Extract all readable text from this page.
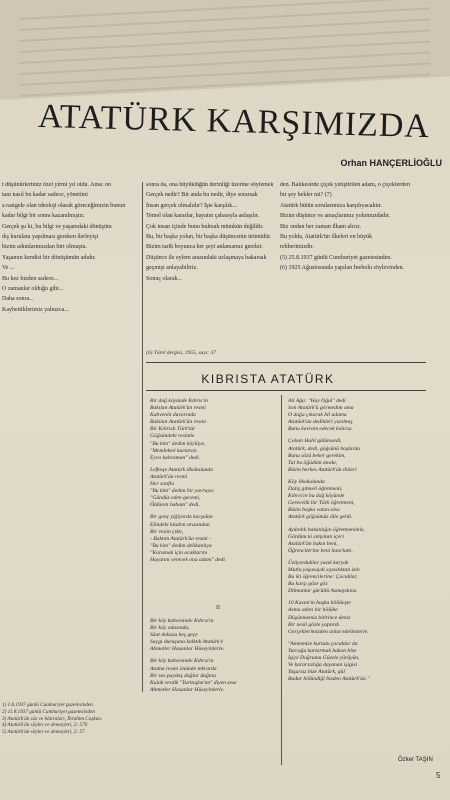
ATATÜRK KARŞIMIZDA
Orhan HANÇERLİOĞLU

t düşünürlerimiz özel yirmi yıl oldu. Ama: on

tam nasıl bu kadar sadece, yönetimi

a rastgele olan ideoloji olarak göreceğimizin bunun

kadar bilgi bir sonra kazanılmıştır.

Gerçek şu ki, bu bilgi ve yaşamdaki dönüşüm

dış kurulanı yapılması gereken ilerleyişi

bizim adımlarımızdan biri olmuştu.

Yaşamın kendisi bir dönüşümün adıdır.

Ve ...

Bu kez bizden sadece...

O zamanlar olduğu gibi...

Daha sonra...

Kaybettiklerimiz yalnızca...

sonra da, ona büyüklüğün derinliği üzerine söylemek

Gerçek nedir? Bir anda bu nedir, diye sorarsak

İnsan gerçek olmalıdır? İşte karşılık...

Temel olan kararlar, hayatın çabasıyla anlaşılır.

Çok insan içinde bunu bulmak mümkün değildir.

Bu, bir başka yolun, bir başka düşüncenin ürünüdür.

Bizim tarih boyunca her şeyi anlamamız gerekir.

Düşünce ile eylem arasındaki uzlaşmaya bakarsak

geçmişi anlayabiliriz.

Sonuç olarak...

(6) Türel dergisi, 1955, sayı: 37

den. Balıkesirde çiçek yetiştirilen adam, o çiçeklerden

bir şey bekler mi? (7)

Atatürk bütün sorularımıza karşılıyacaktır.

Bizim düşünce ve amaçlarımız yolumuzdadır.

Biz ondan her zaman ilham alırız.

Bu yolda, Atatürk'ün ilkeleri en büyük

rehberimizdir.

(5) 25.8.1937 günlü Cumhuriyet gazetesinden.

(6) 1925 Ağustosunda yapılan İnebolu söylevinden.

KIBRISTA ATATÜRK
Bir dağ köyünde Kıbrıs'ın
Bakılan Atatürk'ün resmi
Kahvenin duvarında
Bakılan Atatürk'ün resmi
Bir Kıbrıslı Türk'tür
Göğsündeki resimle
"Bu kim" dedim köylüye,
"Memleketi kurtaran
Eyvo kahraman" dedi.
Lefkoşe Atatürk ilkokulunda
Atatürk'ün resmi
Her sınıfta
"Bu kim" dedim bir yavruya:
"Gündüz eden gecemi,
Öldüren babam" dedi.
Bir genç yiğiyorda karşıdan
Elindeki kitabın arasından
Bir resim çıktı,
- Baktım Atatürk'ün resmi -
"Bu kim" dedim delikanlıya
"Korumak için ocaklarını
Hayatını verecek ona adam" dedi.
II
Bir köy kahvesinde Kıbrıs'ın
Bir köy odasında,
Sâat dokuzu beş geçe
Saygı duruşuna kalktık Atatürk'e
Ahmetler Hasanlar Hüseyinlerle.
Bir köy kahvesinde Kıbrıs'ın
Atama resmi önünde tekrarda
Bir ses paydaş dağlar dağına
Kulak verdik "Yurttaşlarım" diyen sese
Ahmetler Hasanlar Hüseyinlerle.
Ali Ağa: "Hay Oğul" dedi
Son Atatürk'ü görmedim ama
O dağa çıkarak bil adama
Atatürk'ün dedikleri yazılmış
Bunu kavram edecek kalırsa.
Çoban Halil gülümsedi,
Atatürk, dedi, göğsünü başlarda
Bana sözü beker gerekim,
Tut bu öğüdüm anıda,
Bizim herkes Atatürk'ün ibileri
Köy ilkokulunda
Dalış gitmeli öğretmeni,
Kıbrıs'ın bu dağ köyünde
Gerecelik bir Türk öğretmeni,
Bizim başka vatan olsa
Atatürk göğsümüz dile geldi.
Aydınlık bakanlığın öğretmenimiz,
Gördüm ki simyitan içeri
Atatürk'ün bakın beni,
Öğrencilerine beni hatırlattı.
Üzüyorduklar yazık karyak
Mutlu yaşasaydı sıyaslıktan izin
Bu iki öğrencilerine: Çocuklar,
Bu karşı göze göz
Dilmanlar gürültü Asmaydınız.
10 Kasım'ın başka bölüleşte
Asma adını bir bölüke
Düşünmemiz bitirince deniz
Bir nesil gözle yaptırdı
Gerçeklerimizden anlat edelimlerle.
"Annemize kurtulu çocuklar da
Yurcağa kurtarmak bakan bize
İşiye Doğrumu Güzele yürüyün,
Ve kararsızlığa dayanan işigisi
Yaşarsız bize Atatürk, gül
Budur bölündiği bizden Atatürk'ün."
Özker TAŞIN
1) 1.6.1937 günlü Cumhuriyet gazetesinden.
2) 11.8.1937 günlü Cumhuriyet gazetesinden
3) Atatürk'ün söz ve hâtıraları, İbrahim Coşkun.
4) Atatürk'ün söylev ve demeçleri, 2: 570
5) Atatürk'ün söylev ve demeçleri, 2: 57
5
